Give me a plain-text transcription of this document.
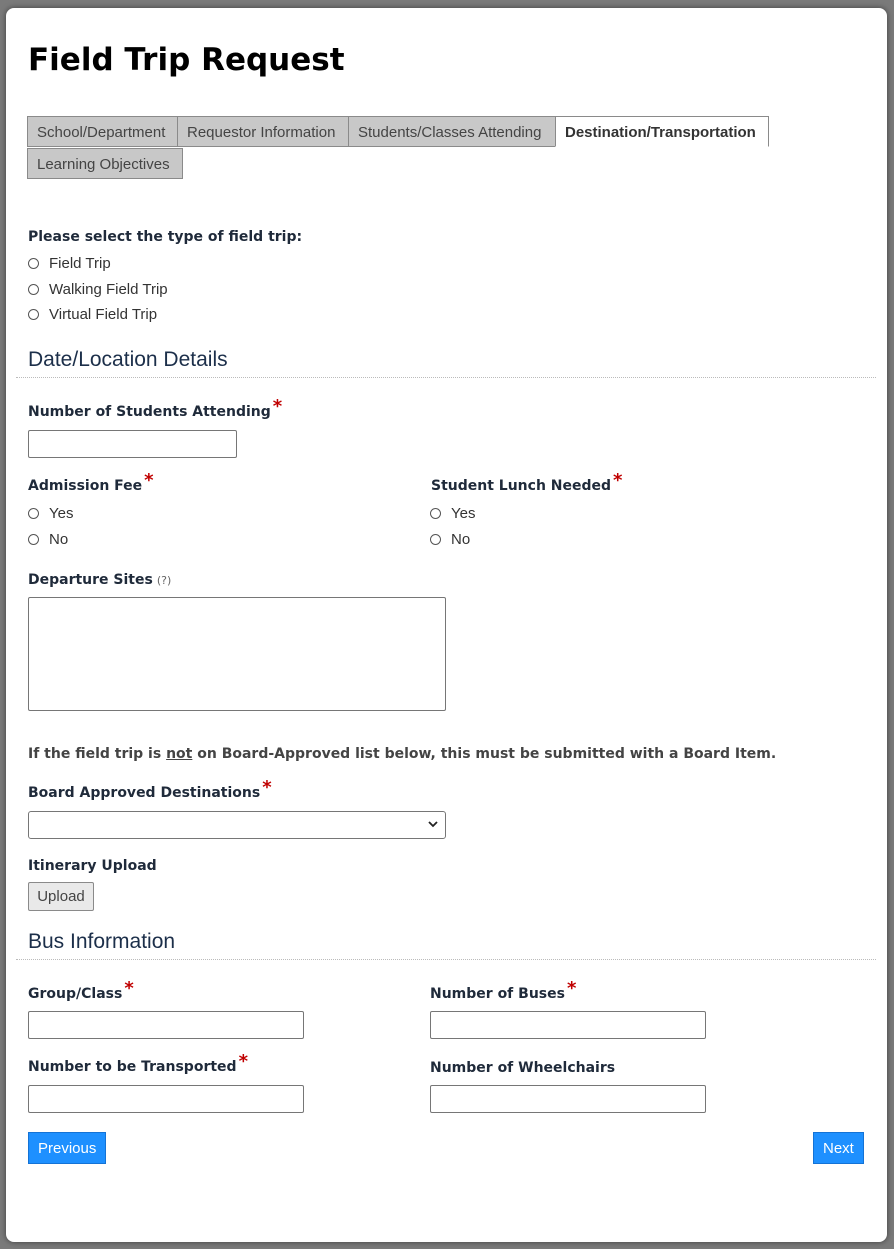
Field Trip Request
School/Department	Requestor Information	Students/Classes Attending	Destination/Transportation
Learning Objectives
Please select the type of field trip:
Field Trip
Walking Field Trip
Virtual Field Trip
Date/Location Details
Number of Students Attending *
Admission Fee *
Yes
No
Student Lunch Needed *
Yes
No
Departure Sites (?)
If the field trip is not on Board-Approved list below, this must be submitted with a Board Item.
Board Approved Destinations *
Itinerary Upload
Upload
Bus Information
Group/Class *	Number of Buses *
Number to be Transported *	Number of Wheelchairs
Previous	Next
